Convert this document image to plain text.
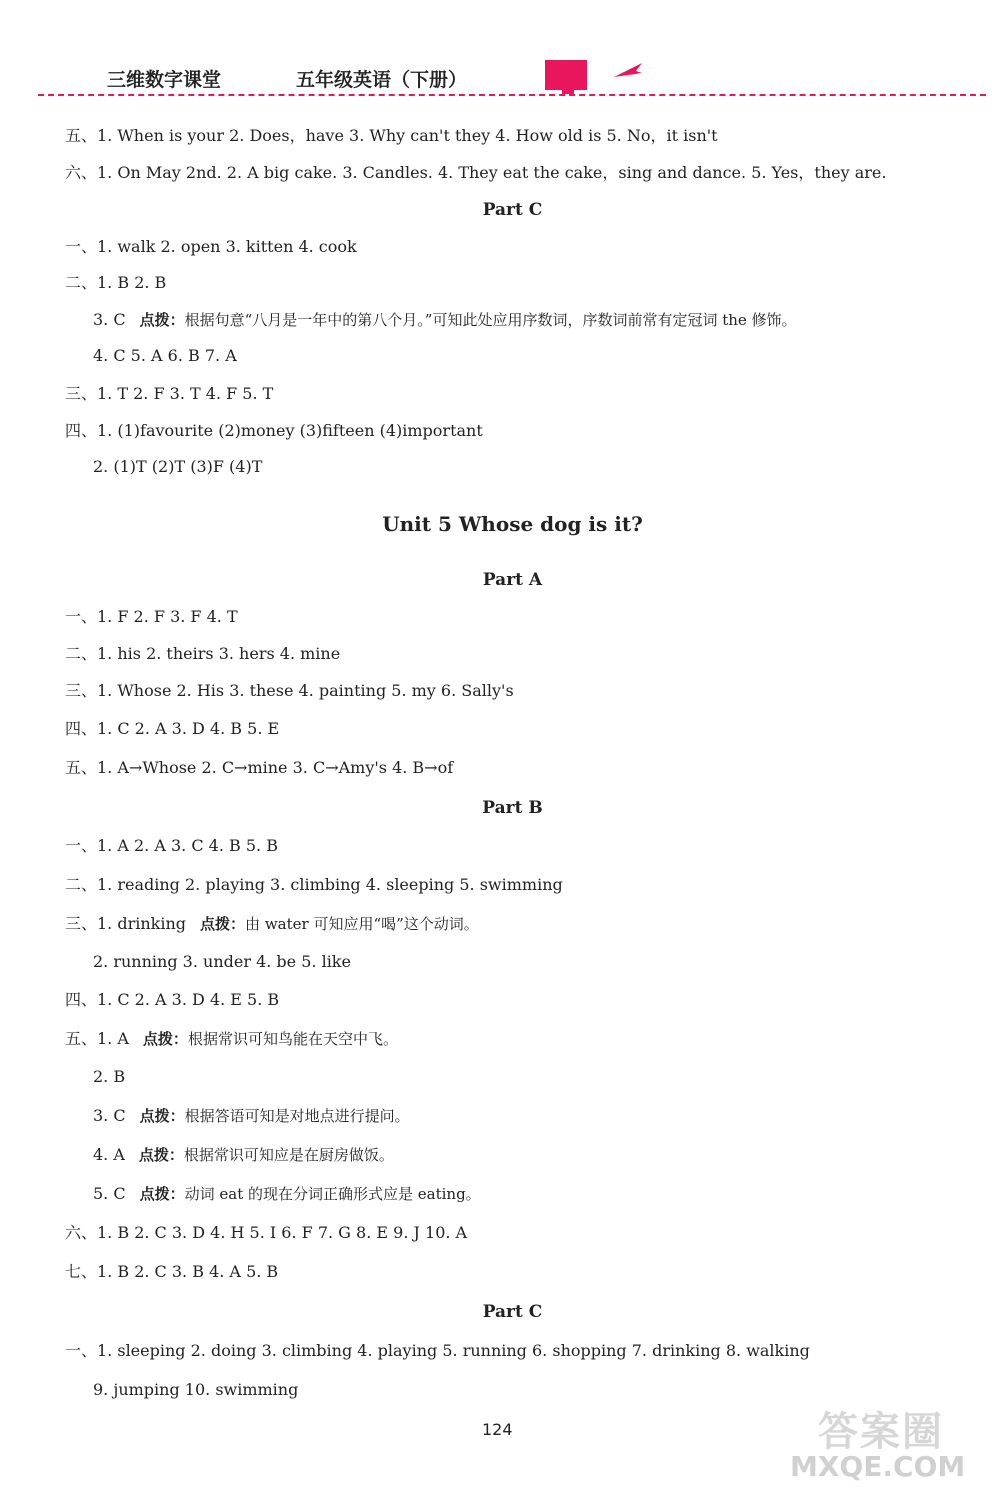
三维数字课堂	五年级英语（下册）
五、1. When is your 2. Does，have 3. Why can't they 4. How old is 5. No，it isn't
六、1. On May 2nd. 2. A big cake. 3. Candles. 4. They eat the cake，sing and dance. 5. Yes，they are.
Part C
一、1. walk 2. open 3. kitten 4. cook
二、1. B 2. B
3. C 点拨：根据句意“八月是一年中的第八个月。”可知此处应用序数词，序数词前常有定冠词 the 修饰。
4. C 5. A 6. B 7. A
三、1. T 2. F 3. T 4. F 5. T
四、1. (1)favourite (2)money (3)fifteen (4)important
2. (1)T (2)T (3)F (4)T
Unit 5 Whose dog is it?
Part A
一、1. F 2. F 3. F 4. T
二、1. his 2. theirs 3. hers 4. mine
三、1. Whose 2. His 3. these 4. painting 5. my 6. Sally's
四、1. C 2. A 3. D 4. B 5. E
五、1. A→Whose 2. C→mine 3. C→Amy's 4. B→of
Part B
一、1. A 2. A 3. C 4. B 5. B
二、1. reading 2. playing 3. climbing 4. sleeping 5. swimming
三、1. drinking 点拨：由 water 可知应用“喝”这个动词。
2. running 3. under 4. be 5. like
四、1. C 2. A 3. D 4. E 5. B
五、1. A 点拨：根据常识可知鸟能在天空中飞。
2. B
3. C 点拨：根据答语可知是对地点进行提问。
4. A 点拨：根据常识可知应是在厨房做饭。
5. C 点拨：动词 eat 的现在分词正确形式应是 eating。
六、1. B 2. C 3. D 4. H 5. I 6. F 7. G 8. E 9. J 10. A
七、1. B 2. C 3. B 4. A 5. B
Part C
一、1. sleeping 2. doing 3. climbing 4. playing 5. running 6. shopping 7. drinking 8. walking
9. jumping 10. swimming
124	答案圈
MXQE.COM
